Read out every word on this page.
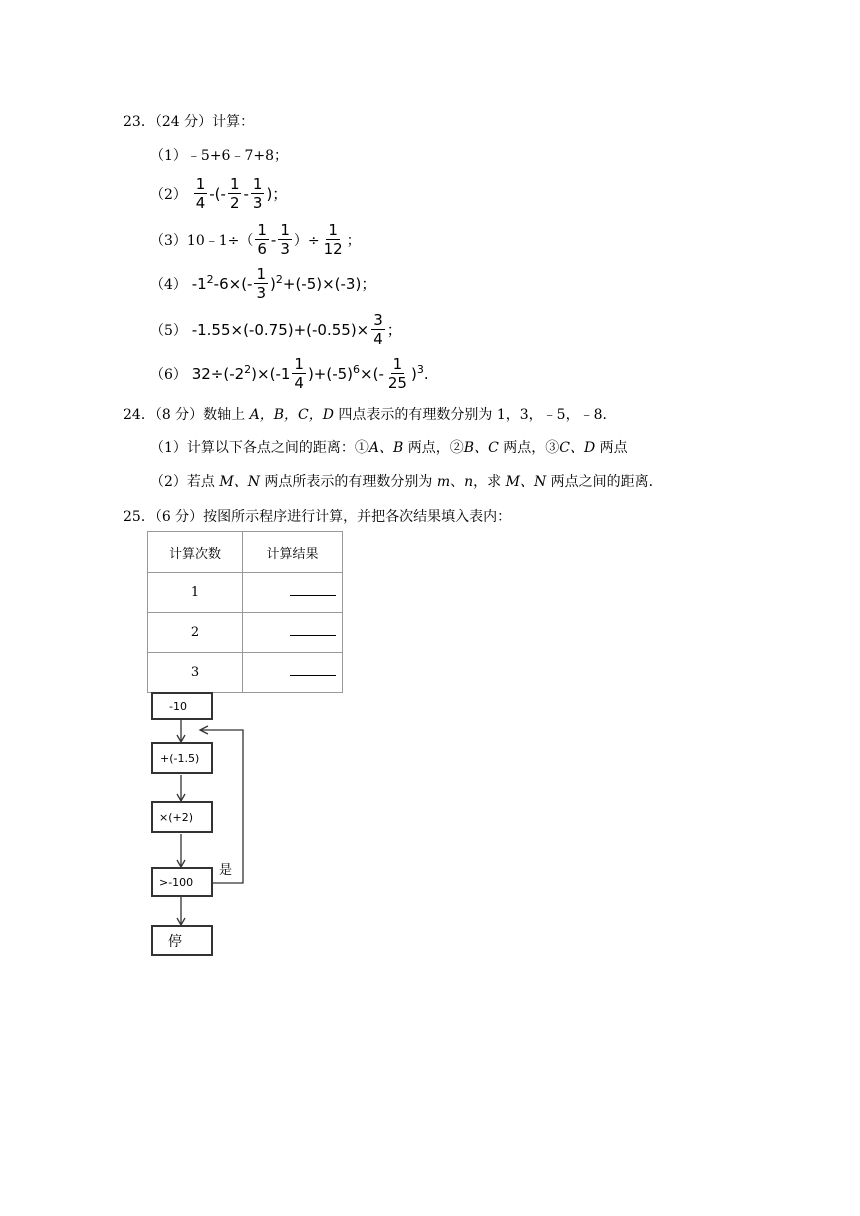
23．（24 分）计算：
（1）﹣5+6﹣7+8；
$(2) \frac{1}{4}$ -(- $\frac{1}{2} - \frac{1}{3}$ )；
（3）10﹣1÷（ $\frac{1}{6} - \frac{1}{3}$ ）÷ $\frac{1}{12}$ ；
（4） $-1^2-6\times(- \frac{1}{3} )^2+(-5)\times(-3)$；
（5） $-1.55\times(-0.75)+(-0.55)\times \frac{3}{4}$ ；
（6） $32\div(-2^2)\times(-1 \frac{1}{4} )+(-5)^6\times(- \frac{1}{25} )^3$.
24．（8 分）数轴上 A，B，C，D 四点表示的有理数分别为 1，3，﹣5，﹣8．
（1）计算以下各点之间的距离：①A、B 两点，②B、C 两点，③C、D 两点
（2）若点 M、N 两点所表示的有理数分别为 m、n，求 M、N 两点之间的距离．
25．（6 分）按图所示程序进行计算，并把各次结果填入表内：
计算次数	计算结果
1	
2	
3	
-10
+(-1.5)
×(+2)
>-100
是
停
